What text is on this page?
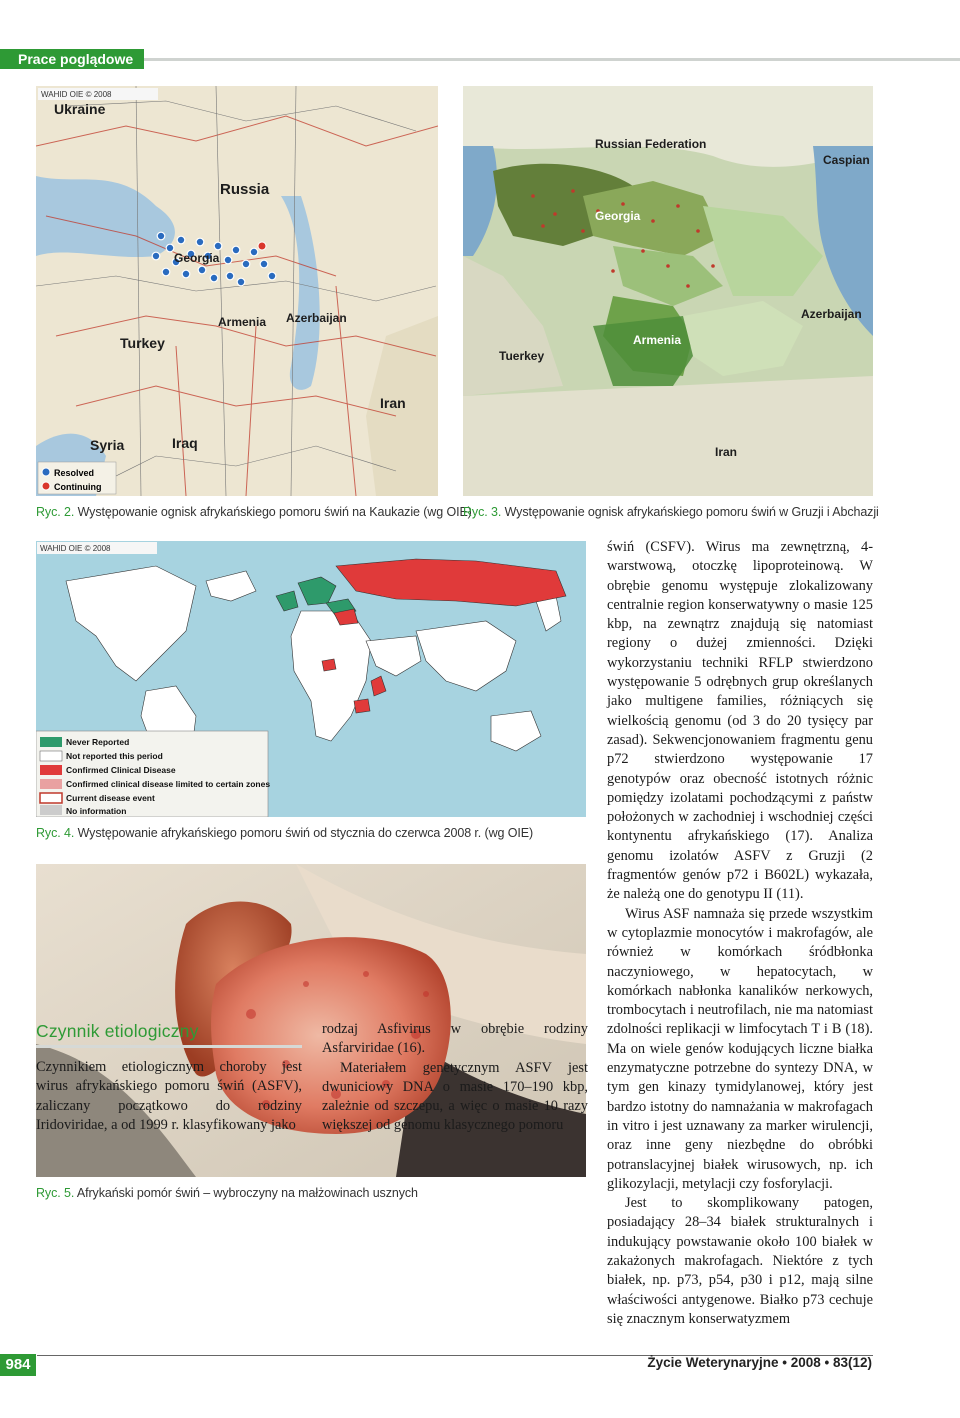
Prace poglądowe
WAHID OIE © 2008
Ukraine
Russia
Georgia
Armenia Azerbaijan
Turkey
Syria	Iraq
Iran
Resolved
Continuing
Ryc. 2. Występowanie ognisk afrykańskiego pomoru świń na Kaukazie (wg OIE)
Russian Federation
Caspian
Georgia
Azerbaijan
Armenia
Tuerkey
Iran
Ryc. 3. Występowanie ognisk afrykańskiego pomoru świń w Gruzji i Abchazji
WAHID OIE © 2008
Never Reported
Not reported this period
Confirmed Clinical Disease
Confirmed clinical disease limited to certain zones
Current disease event
No information
Ryc. 4. Występowanie afrykańskiego pomoru świń od stycznia do czerwca 2008 r. (wg OIE)
Ryc. 5. Afrykański pomór świń – wybroczyny na małżowinach usznych
Czynnik etiologiczny

Czynnikiem etiologicznym choroby jest wirus afrykańskiego pomoru świń (ASFV), zaliczany początkowo do rodziny Iridoviridae, a od 1999 r. klasyfikowany jako

rodzaj Asfivirus w obrębie rodziny Asfarviridae (16).

Materiałem genetycznym ASFV jest dwuniciowy DNA o masie 170–190 kbp, zależnie od szczepu, a więc o masie 10 razy większej od genomu klasycznego pomoru

świń (CSFV). Wirus ma zewnętrzną, 4-warstwową, otoczkę lipoproteinową. W obrębie genomu występuje zlokalizowany centralnie region konserwatywny o masie 125 kbp, na zewnątrz znajdują się natomiast regiony o dużej zmienności. Dzięki wykorzystaniu techniki RFLP stwierdzono występowanie 5 odrębnych grup określanych jako multigene families, różniących się wielkością genomu (od 3 do 20 tysięcy par zasad). Sekwencjonowaniem fragmentu genu p72 stwierdzono występowanie 17 genotypów oraz obecność istotnych różnic pomiędzy izolatami pochodzącymi z państw położonych w zachodniej i wschodniej części kontynentu afrykańskiego (17). Analiza genomu izolatów ASFV z Gruzji (2 fragmentów genów p72 i B602L) wykazała, że należą one do genotypu II (11).

Wirus ASF namnaża się przede wszystkim w cytoplazmie monocytów i makrofagów, ale również w komórkach śródbłonka naczyniowego, w hepatocytach, w komórkach nabłonka kanalików nerkowych, trombocytach i neutrofilach, nie ma natomiast zdolności replikacji w limfocytach T i B (18). Ma on wiele genów kodujących liczne białka enzymatyczne potrzebne do syntezy DNA, w tym gen kinazy tymidylanowej, który jest bardzo istotny do namnażania w makrofagach in vitro i jest uznawany za marker wirulencji, oraz inne geny niezbędne do obróbki potranslacyjnej białek wirusowych, np. ich glikozylacji, metylacji czy fosforylacji.

Jest to skomplikowany patogen, posiadający 28–34 białek strukturalnych i indukujący powstawanie około 100 białek w zakażonych makrofagach. Niektóre z tych białek, np. p73, p54, p30 i p12, mają silne właściwości antygenowe. Białko p73 cechuje się znacznym konserwatyzmem

984	Życie Weterynaryjne • 2008 • 83(12)
